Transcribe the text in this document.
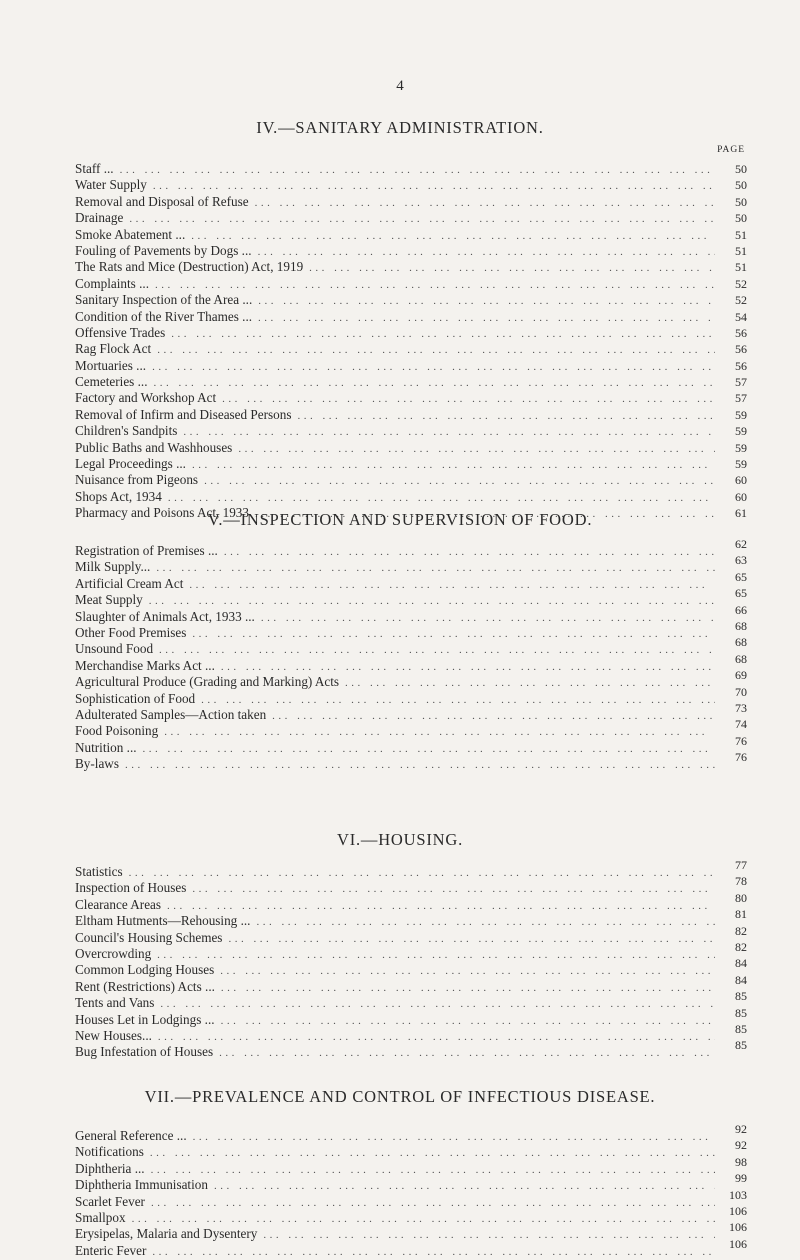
4
IV.—SANITARY ADMINISTRATION.
PAGE
Staff ... ... .	50
Water Supply ... .	50
Removal and Disposal of Refuse ... .	50
Drainage ... .	50
Smoke Abatement ... ... .	51
Fouling of Pavements by Dogs ... ... .	51
The Rats and Mice (Destruction) Act, 1919 ... .	51
Complaints ... ... .	52
Sanitary Inspection of the Area ... ... .	52
Condition of the River Thames ... ... .	54
Offensive Trades ... .	56
Rag Flock Act ... .	56
Mortuaries ... ... .	56
Cemeteries ... ... .	57
Factory and Workshop Act ... .	57
Removal of Infirm and Diseased Persons ... .	59
Children's Sandpits ... .	59
Public Baths and Washhouses ... .	59
Legal Proceedings ... ... .	59
Nuisance from Pigeons ... .	60
Shops Act, 1934 ... .	60
Pharmacy and Poisons Act, 1933 ... .	61
V.—INSPECTION AND SUPERVISION OF FOOD.
Registration of Premises ... ... .	62
Milk Supply... ... .	63
Artificial Cream Act ... .	65
Meat Supply ... .	65
Slaughter of Animals Act, 1933 ... ... .	66
Other Food Premises ... .	68
Unsound Food ... .	68
Merchandise Marks Act ... ... .	68
Agricultural Produce (Grading and Marking) Acts ... .	69
Sophistication of Food ... .	70
Adulterated Samples—Action taken ... .	73
Food Poisoning ... .	74
Nutrition ... ... .	76
By-laws ... .	76
VI.—HOUSING.
Statistics ... .	77
Inspection of Houses ... .	78
Clearance Areas ... .	80
Eltham Hutments—Rehousing ... ... .	81
Council's Housing Schemes ... .	82
Overcrowding ... .	82
Common Lodging Houses ... .	84
Rent (Restrictions) Acts ... ... .	84
Tents and Vans ... .	85
Houses Let in Lodgings ... ... .	85
New Houses... ... .	85
Bug Infestation of Houses ... .	85
VII.—PREVALENCE AND CONTROL OF INFECTIOUS DISEASE.
General Reference ... ... .	92
Notifications ... .	92
Diphtheria ... ... .	98
Diphtheria Immunisation ... .	99
Scarlet Fever ... .	103
Smallpox ... .	106
Erysipelas, Malaria and Dysentery ... .	106
Enteric Fever ... .	106
